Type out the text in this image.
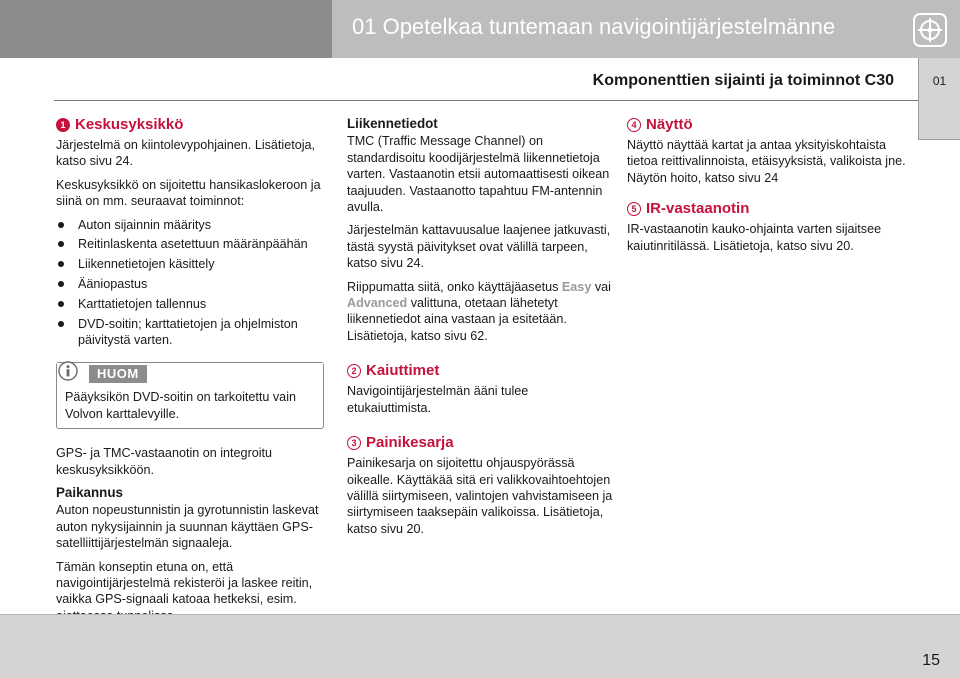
01 Opetelkaa tuntemaan navigointijärjestelmänne
Komponenttien sijainti ja toiminnot C30	01
1 Keskusyksikkö
Järjestelmä on kiintolevypohjainen. Lisätietoja, katso sivu 24.
Keskusyksikkö on sijoitettu hansikaslokeroon ja siinä on mm. seuraavat toiminnot:
Auton sijainnin määritys
Reitinlaskenta asetettuun määränpäähän
Liikennetietojen käsittely
Ääniopastus
Karttatietojen tallennus
DVD-soitin; karttatietojen ja ohjelmiston päivitystä varten.
HUOM
Pääyksikön DVD-soitin on tarkoitettu vain Volvon karttalevyille.
GPS- ja TMC-vastaanotin on integroitu keskusyksikköön.
Paikannus
Auton nopeustunnistin ja gyrotunnistin laskevat auton nykysijainnin ja suunnan käyttäen GPS-satelliittijärjestelmän signaaleja.
Tämän konseptin etuna on, että navigointijärjestelmä rekisteröi ja laskee reitin, vaikka GPS-signaali katoaa hetkeksi, esim.
Liikennetiedot
TMC (Traffic Message Channel) on standardisoitu koodijärjestelmä liikennetietoja varten. Vastaanotin etsii automaattisesti oikean taajuuden. Vastaanotto tapahtuu FM-antennin avulla.
Järjestelmän kattavuusalue laajenee jatkuvasti, tästä syystä päivitykset ovat välillä tarpeen, katso sivu 24.
Riippumatta siitä, onko käyttäjäasetus Easy vai Advanced valittuna, otetaan lähetetyt liikennetiedot aina vastaan ja esitetään. Lisätietoja, katso sivu 62.
2 Kaiuttimet
Navigointijärjestelmän ääni tulee etukaiuttimista.
3 Painikesarja
Painikesarja on sijoitettu ohjauspyörässä oikealle. Käyttäkää sitä eri valikkovaihtoehtojen välillä siirtymiseen, valintojen vahvistamiseen ja siirtymiseen taaksepäin valikoissa. Lisätietoja, katso sivu 20.
4 Näyttö
Näyttö näyttää kartat ja antaa yksityiskohtaista tietoa reittivalinnoista, etäisyyksistä, valikoista jne. Näytön hoito, katso sivu 24
5 IR-vastaanotin
IR-vastaanotin kauko-ohjainta varten sijaitsee kaiutinritilässä. Lisätietoja, katso sivu 20.
15
